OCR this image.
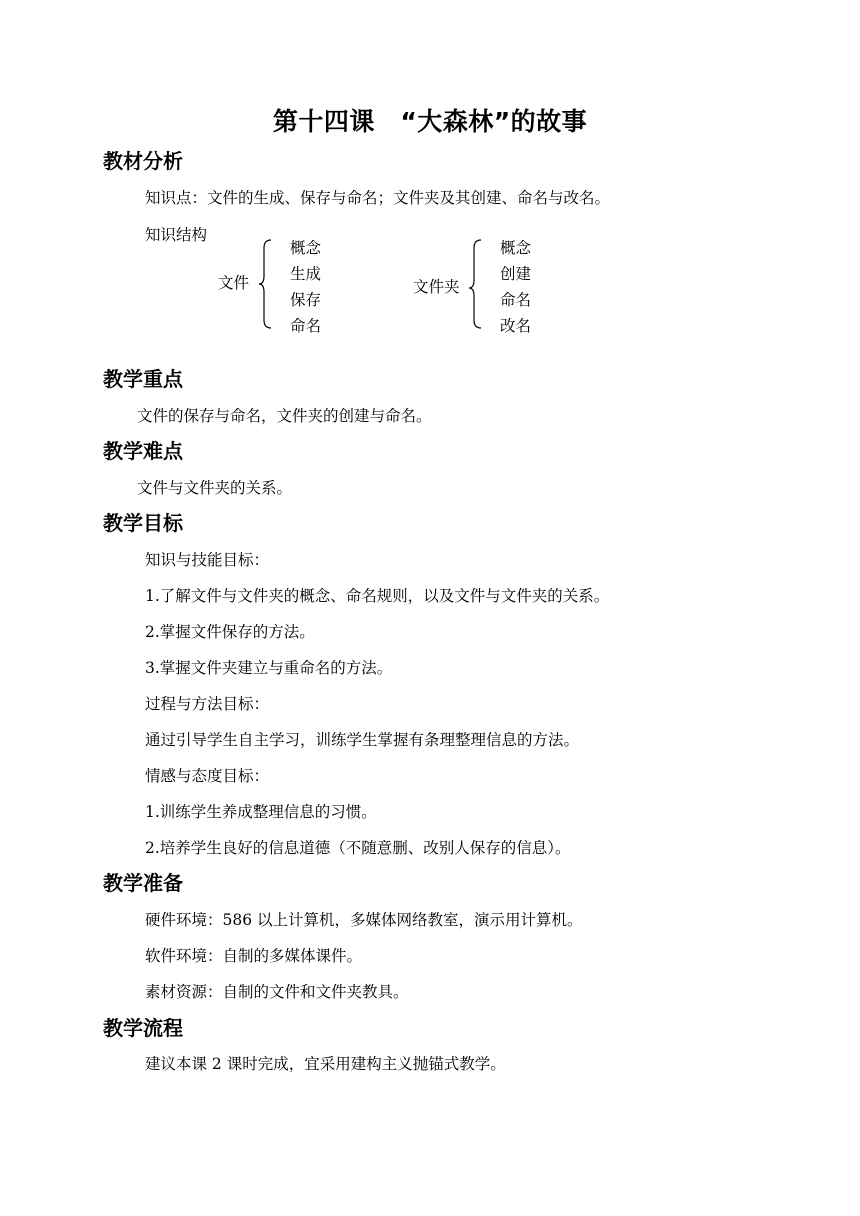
第十四课　“大森林”的故事
教材分析
知识点：文件的生成、保存与命名；文件夹及其创建、命名与改名。
知识结构
文件
概念
生成
保存
命名
文件夹
概念
创建
命名
改名
教学重点
文件的保存与命名，文件夹的创建与命名。
教学难点
文件与文件夹的关系。
教学目标
知识与技能目标：
1.了解文件与文件夹的概念、命名规则，以及文件与文件夹的关系。
2.掌握文件保存的方法。
3.掌握文件夹建立与重命名的方法。
过程与方法目标：
通过引导学生自主学习，训练学生掌握有条理整理信息的方法。
情感与态度目标：
1.训练学生养成整理信息的习惯。
2.培养学生良好的信息道德（不随意删、改别人保存的信息）。
教学准备
硬件环境：586 以上计算机，多媒体网络教室，演示用计算机。
软件环境：自制的多媒体课件。
素材资源：自制的文件和文件夹教具。
教学流程
建议本课 2 课时完成，宜采用建构主义抛锚式教学。
